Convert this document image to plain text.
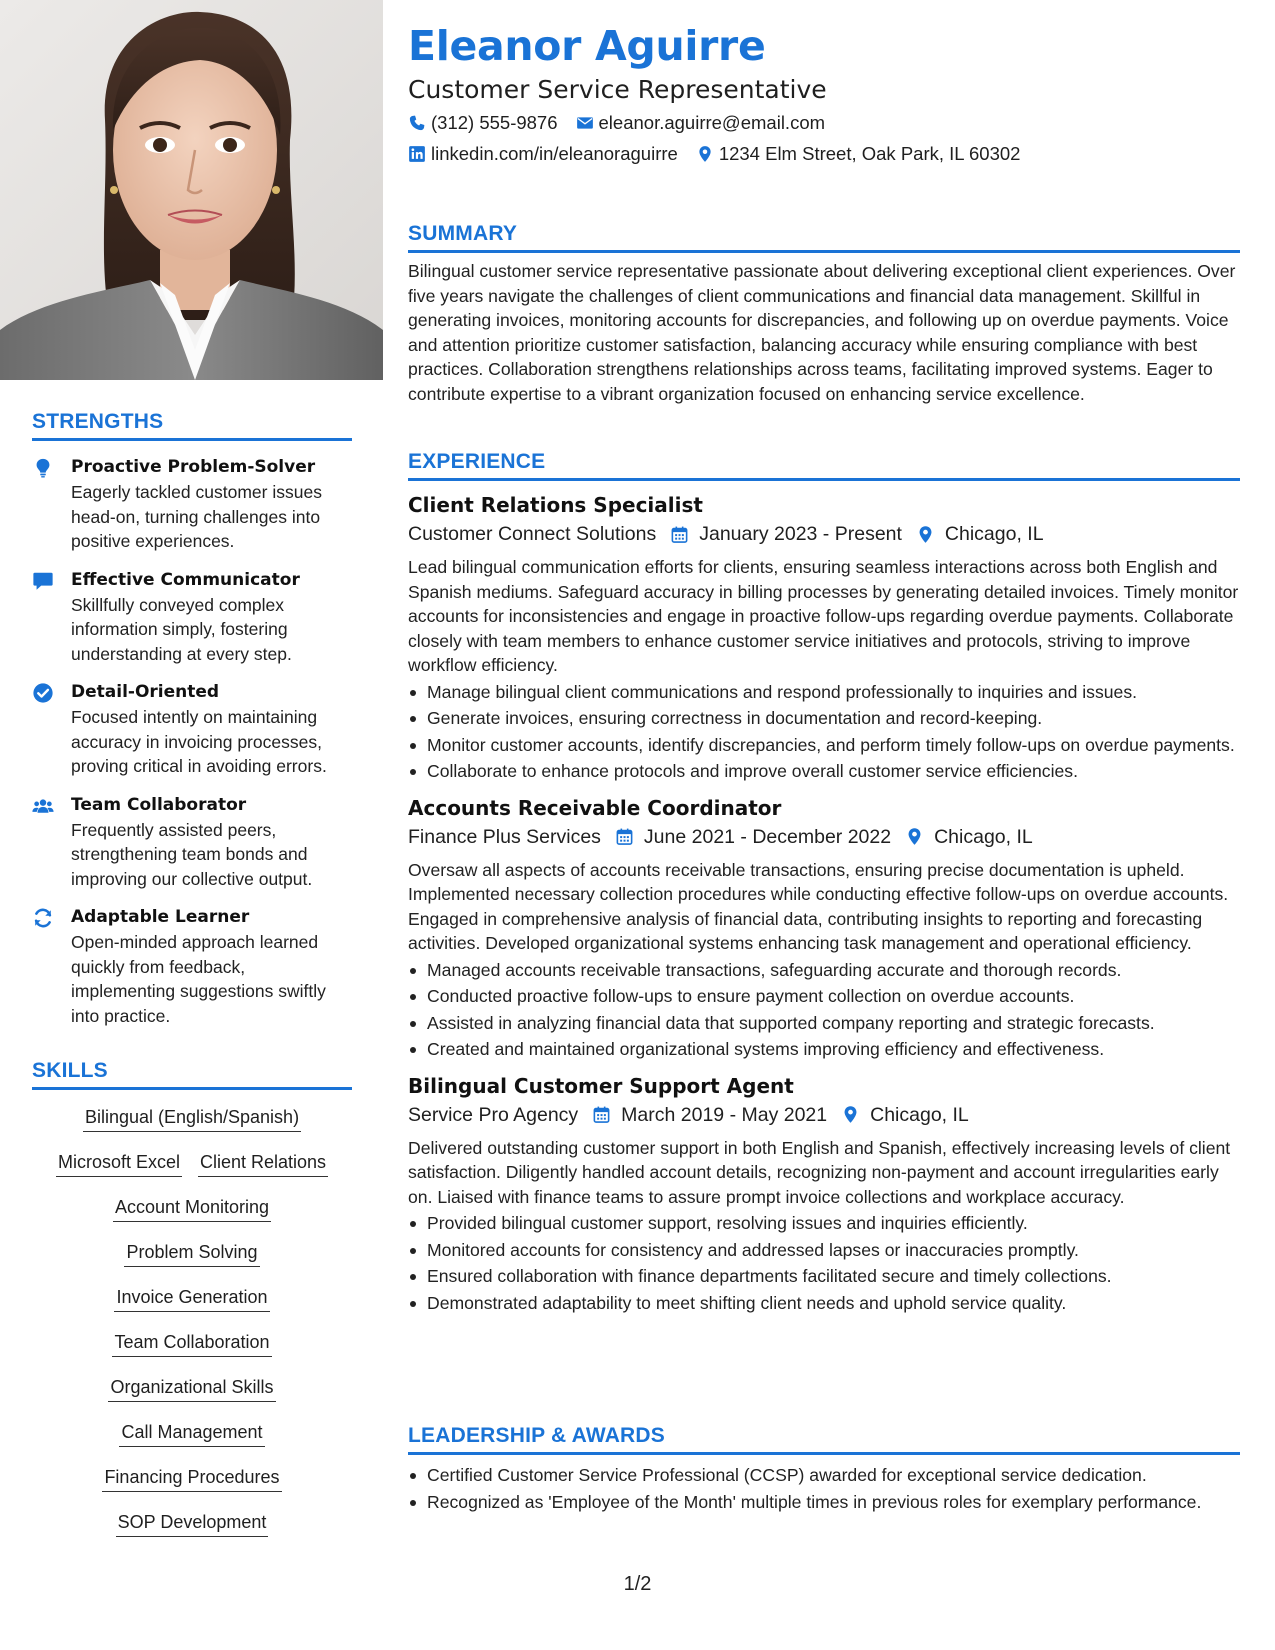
STRENGTHS
Proactive Problem-Solver
Eagerly tackled customer issues head-on, turning challenges into positive experiences.
Effective Communicator
Skillfully conveyed complex information simply, fostering understanding at every step.
Detail-Oriented
Focused intently on maintaining accuracy in invoicing processes, proving critical in avoiding errors.
Team Collaborator
Frequently assisted peers, strengthening team bonds and improving our collective output.
Adaptable Learner
Open-minded approach learned quickly from feedback, implementing suggestions swiftly into practice.
SKILLS
Bilingual (English/Spanish)
Microsoft Excel Client Relations
Account Monitoring
Problem Solving
Invoice Generation
Team Collaboration
Organizational Skills
Call Management
Financing Procedures
SOP Development
Eleanor Aguirre
Customer Service Representative
(312) 555-9876 eleanor.aguirre@email.com
linkedin.com/in/eleanoraguirre 1234 Elm Street, Oak Park, IL 60302
SUMMARY
Bilingual customer service representative passionate about delivering exceptional client experiences. Over five years navigate the challenges of client communications and financial data management. Skillful in generating invoices, monitoring accounts for discrepancies, and following up on overdue payments. Voice and attention prioritize customer satisfaction, balancing accuracy while ensuring compliance with best practices. Collaboration strengthens relationships across teams, facilitating improved systems. Eager to contribute expertise to a vibrant organization focused on enhancing service excellence.
EXPERIENCE
Client Relations Specialist
Customer Connect Solutions January 2023 - Present Chicago, IL
Lead bilingual communication efforts for clients, ensuring seamless interactions across both English and Spanish mediums. Safeguard accuracy in billing processes by generating detailed invoices. Timely monitor accounts for inconsistencies and engage in proactive follow-ups regarding overdue payments. Collaborate closely with team members to enhance customer service initiatives and protocols, striving to improve workflow efficiency.
Manage bilingual client communications and respond professionally to inquiries and issues.
Generate invoices, ensuring correctness in documentation and record-keeping.
Monitor customer accounts, identify discrepancies, and perform timely follow-ups on overdue payments.
Collaborate to enhance protocols and improve overall customer service efficiencies.
Accounts Receivable Coordinator
Finance Plus Services June 2021 - December 2022 Chicago, IL
Oversaw all aspects of accounts receivable transactions, ensuring precise documentation is upheld. Implemented necessary collection procedures while conducting effective follow-ups on overdue accounts. Engaged in comprehensive analysis of financial data, contributing insights to reporting and forecasting activities. Developed organizational systems enhancing task management and operational efficiency.
Managed accounts receivable transactions, safeguarding accurate and thorough records.
Conducted proactive follow-ups to ensure payment collection on overdue accounts.
Assisted in analyzing financial data that supported company reporting and strategic forecasts.
Created and maintained organizational systems improving efficiency and effectiveness.
Bilingual Customer Support Agent
Service Pro Agency March 2019 - May 2021 Chicago, IL
Delivered outstanding customer support in both English and Spanish, effectively increasing levels of client satisfaction. Diligently handled account details, recognizing non-payment and account irregularities early on. Liaised with finance teams to assure prompt invoice collections and workplace accuracy.
Provided bilingual customer support, resolving issues and inquiries efficiently.
Monitored accounts for consistency and addressed lapses or inaccuracies promptly.
Ensured collaboration with finance departments facilitated secure and timely collections.
Demonstrated adaptability to meet shifting client needs and uphold service quality.
LEADERSHIP & AWARDS
Certified Customer Service Professional (CCSP) awarded for exceptional service dedication.
Recognized as 'Employee of the Month' multiple times in previous roles for exemplary performance.
1/2
